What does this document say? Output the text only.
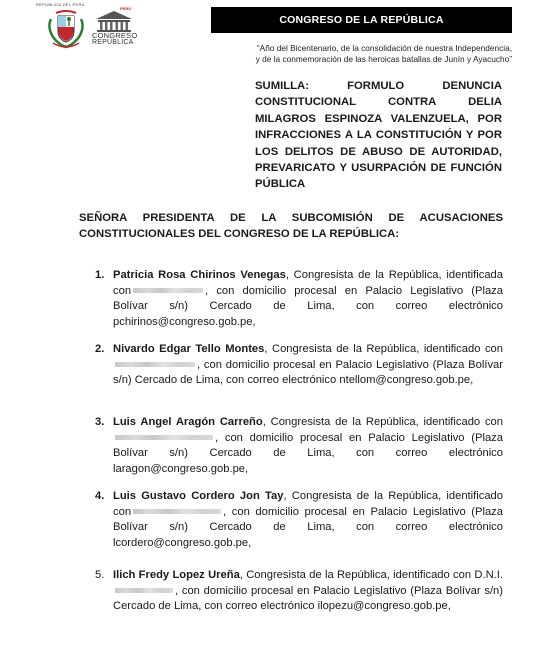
REPÚBLICA DEL PERÚ
PERÚ
CONGRESO
REPÚBLICA
CONGRESO DE LA REPÚBLICA
“Año del Bicentenario, de la consolidación de nuestra Independencia,
y de la conmemoración de las heroicas batallas de Junín y Ayacucho”
SUMILLA: FORMULO DENUNCIA CONSTITUCIONAL CONTRA DELIA MILAGROS ESPINOZA VALENZUELA, POR INFRACCIONES A LA CONSTITUCIÓN Y POR LOS DELITOS DE ABUSO DE AUTORIDAD, PREVARICATO Y USURPACIÓN DE FUNCIÓN PÚBLICA
SEÑORA PRESIDENTA DE LA SUBCOMISIÓN DE ACUSACIONES CONSTITUCIONALES DEL CONGRESO DE LA REPÚBLICA:
1. Patricia Rosa Chirinos Venegas, Congresista de la República, identificada con	, con domicilio procesal en Palacio Legislativo (Plaza Bolívar s/n) Cercado de Lima, con correo electrónico pchirinos@congreso.gob.pe,
2. Nivardo Edgar Tello Montes, Congresista de la República, identificado con, con domicilio procesal en Palacio Legislativo (Plaza Bolívar s/n) Cercado de Lima, con correo electrónico ntellom@congreso.gob.pe,
3. Luis Angel Aragón Carreño, Congresista de la República, identificado con, con domicilio procesal en Palacio Legislativo (Plaza Bolívar s/n) Cercado de Lima, con correo electrónico laragon@congreso.gob.pe,
4. Luis Gustavo Cordero Jon Tay, Congresista de la República, identificado con	, con domicilio procesal en Palacio Legislativo (Plaza Bolívar s/n) Cercado de Lima, con correo electrónico lcordero@congreso.gob.pe,
5. Ilich Fredy Lopez Ureña, Congresista de la República, identificado con D.N.I., con domicilio procesal en Palacio Legislativo (Plaza Bolívar s/n) Cercado de Lima, con correo electrónico ilopezu@congreso.gob.pe,
